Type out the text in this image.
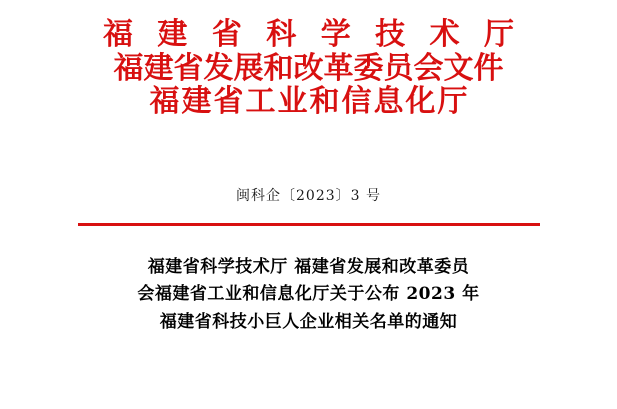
福 建 省 科 学 技 术 厅
福建省发展和改革委员会文件
福建省工业和信息化厅
闽科企〔2023〕3 号
福建省科学技术厅 福建省发展和改革委员
会福建省工业和信息化厅关于公布 2023 年
福建省科技小巨人企业相关名单的通知
